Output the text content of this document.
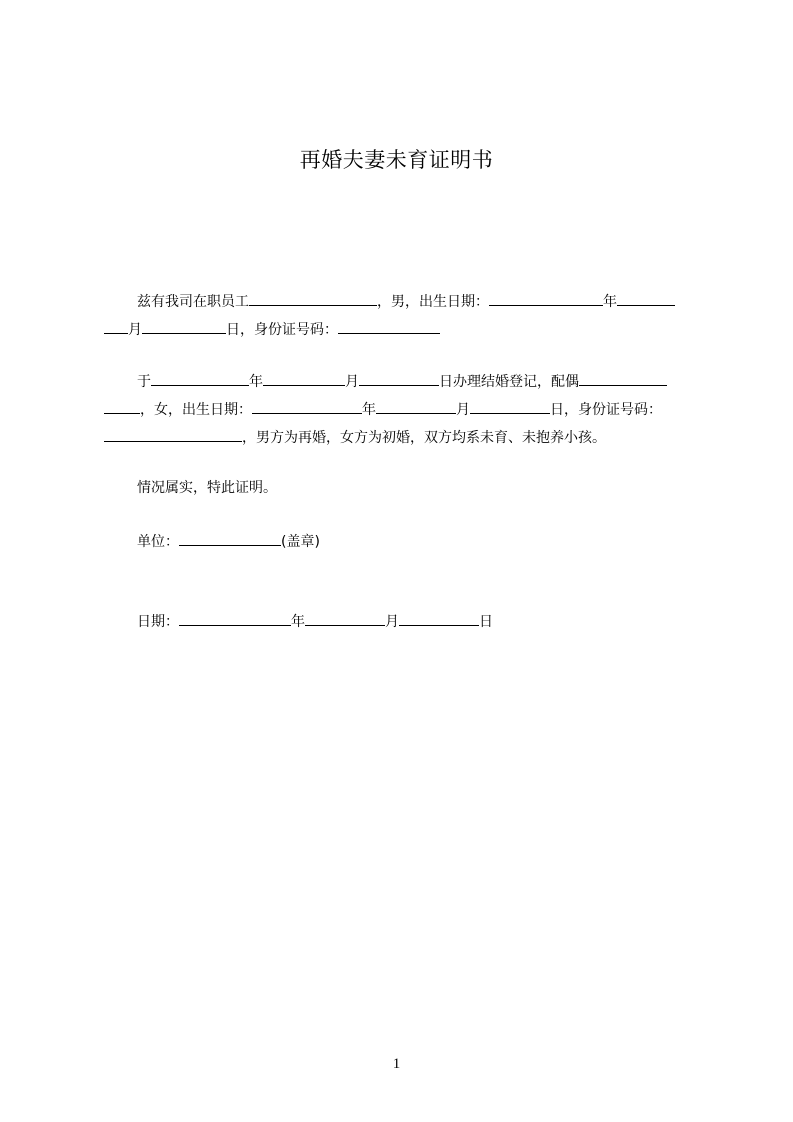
再婚夫妻未育证明书
兹有我司在职员工	，男，出生日期：	年
月	日，身份证号码：
于	年	月	日办理结婚登记，配偶
，女，出生日期：	年	月	日，身份证号码：
，男方为再婚，女方为初婚，双方均系未育、未抱养小孩。
情况属实，特此证明。
单位：	(盖章)
日期：	年	月	日
1
